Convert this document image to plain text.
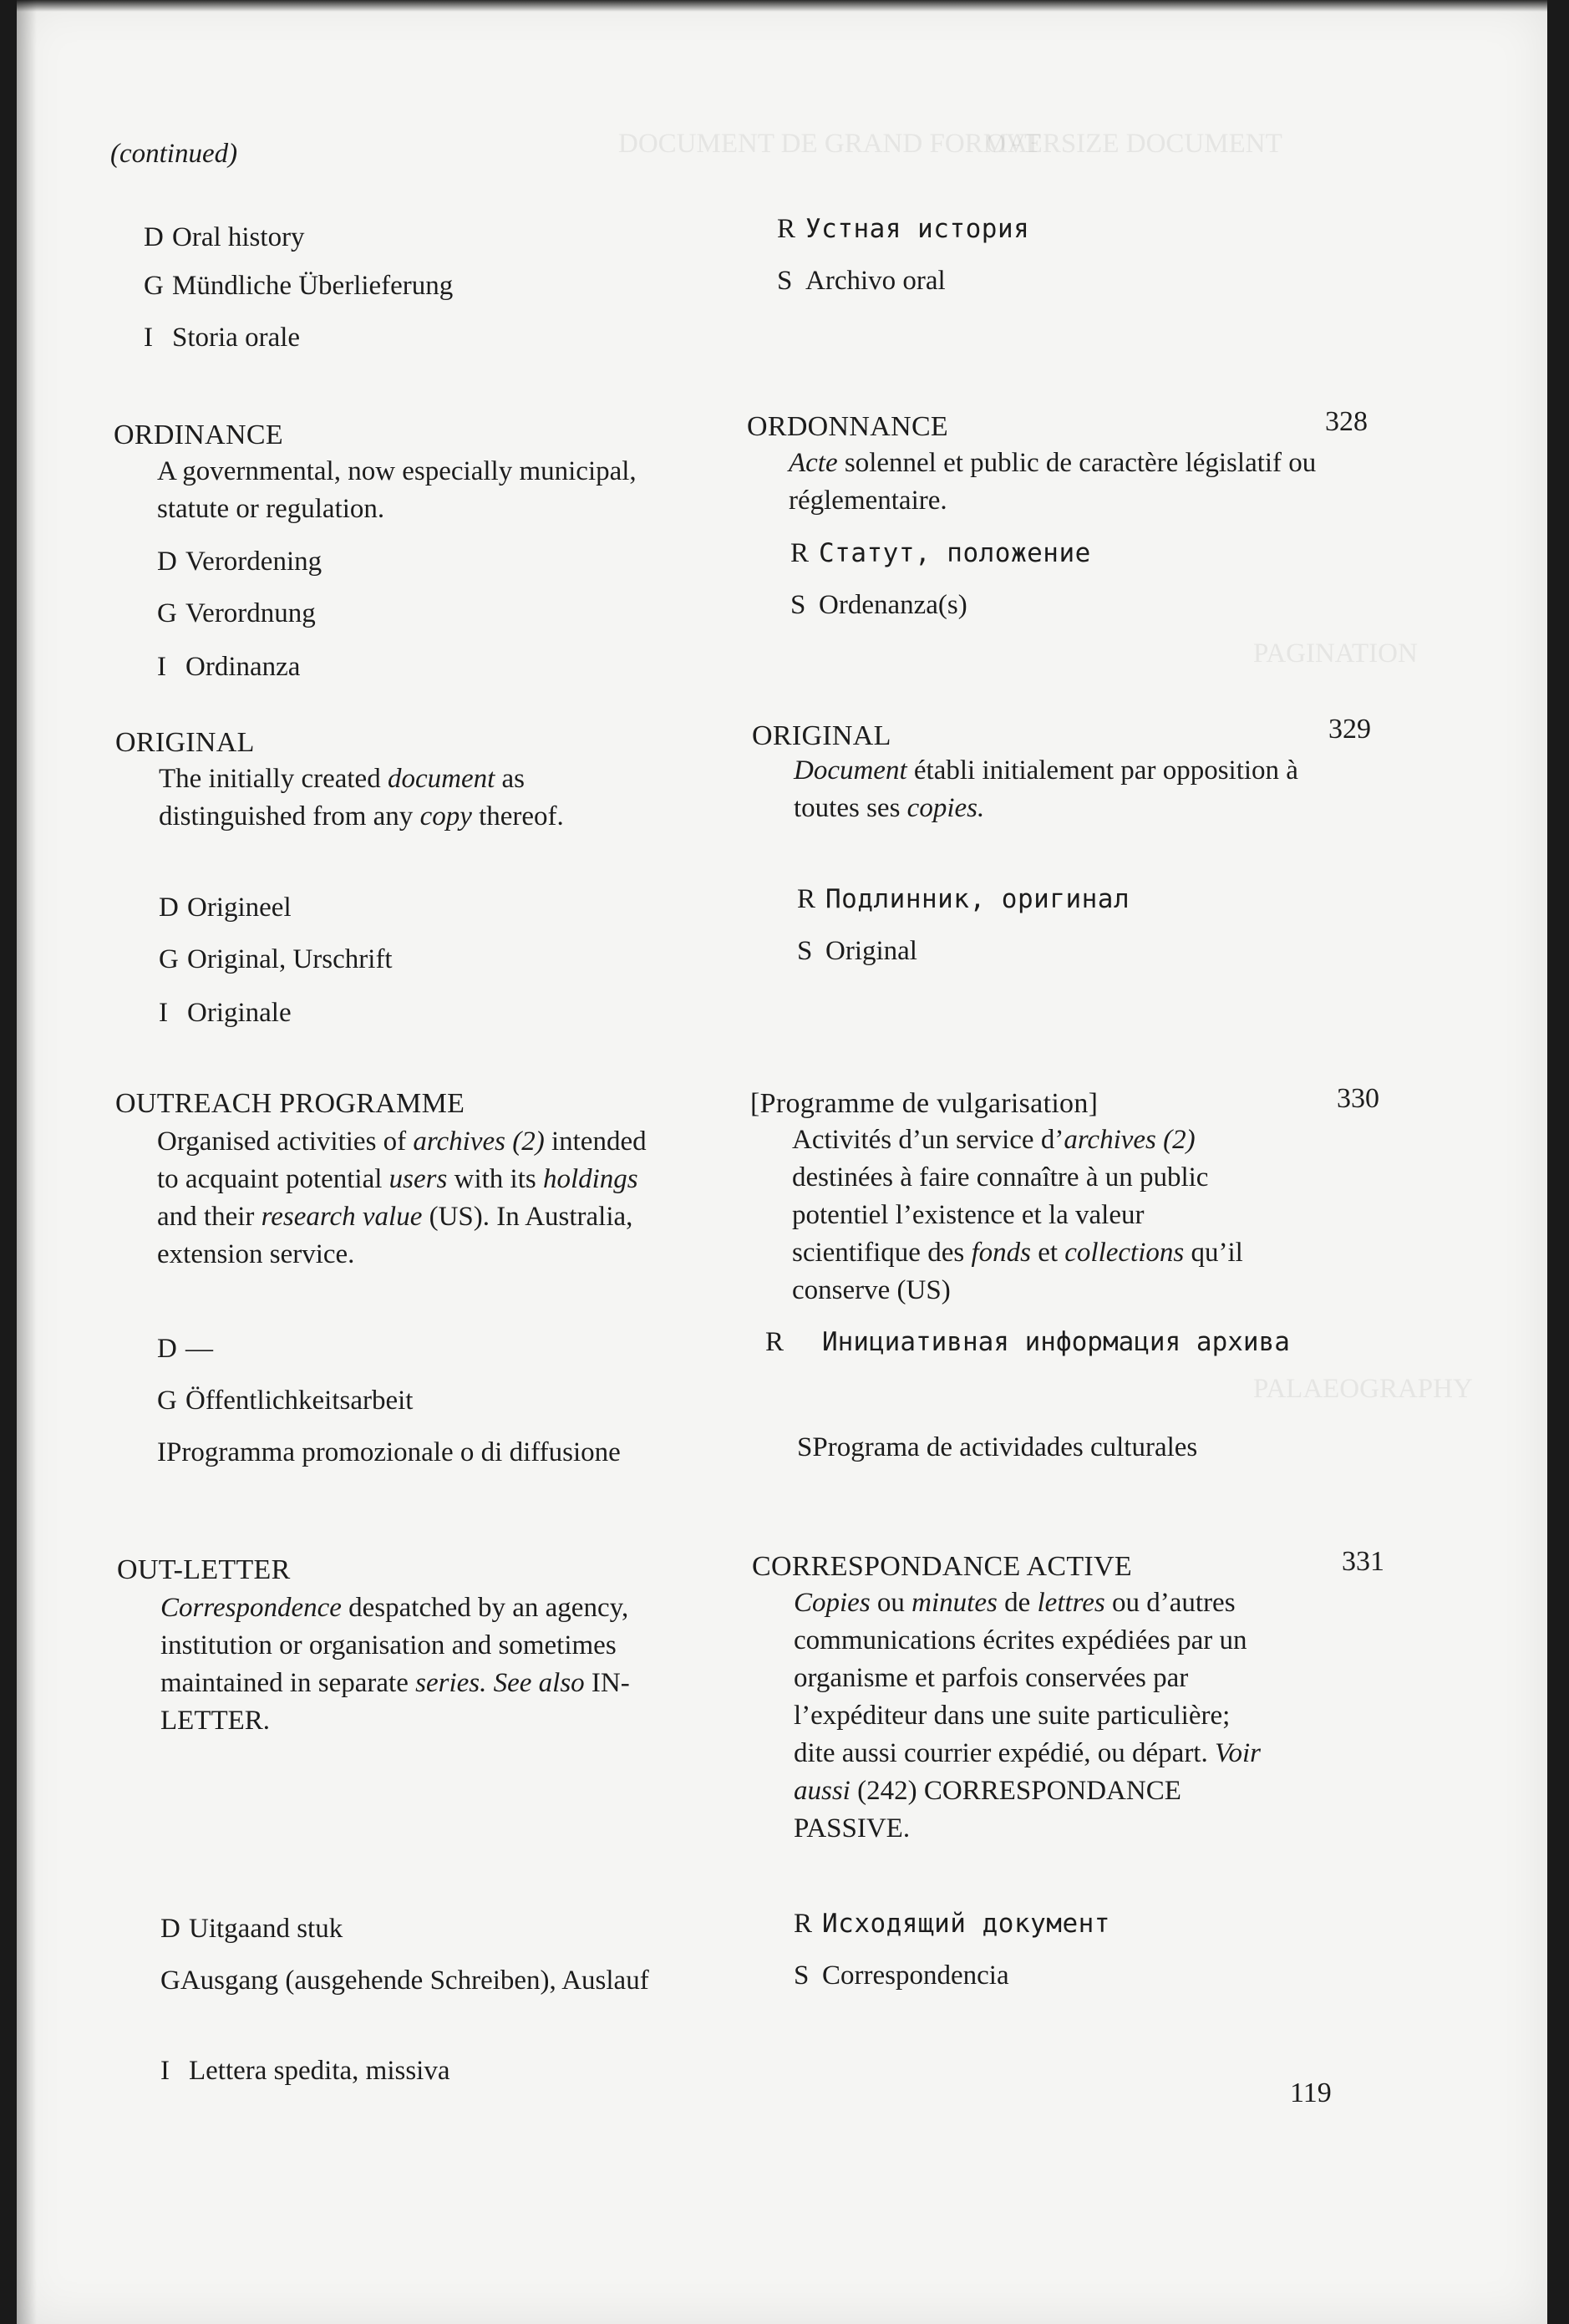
OVERSIZE DOCUMENT
DOCUMENT DE GRAND FORMAT
PAGINATION
PALAEOGRAPHY
(continued)
D Oral history
G Mündliche Überlieferung
I Storia orale
R Устная история
S Archivo oral
ORDINANCE
A governmental, now especially municipal, statute or regulation.
D Verordening
G Verordnung
I Ordinanza
ORDONNANCE	328
Acte solennel et public de caractère législatif ou réglementaire.
R Статут, положение
S Ordenanza(s)
ORIGINAL
The initially created document as distinguished from any copy thereof.
D Origineel
G Original, Urschrift
I Originale
ORIGINAL	329
Document établi initialement par opposition à toutes ses copies.
R Подлинник, оригинал
S Original
OUTREACH PROGRAMME
Organised activities of archives (2) intended to acquaint potential users with its holdings and their research value (US). In Australia, extension service.
D —
G Öffentlichkeitsarbeit
IProgramma promozionale o di diffusione
[Programme de vulgarisation]	330
Activités d’un service d’archives (2) destinées à faire connaître à un public potentiel l’existence et la valeur scientifique des fonds et collections qu’il conserve (US)
R Инициативная информация архива
SPrograma de actividades culturales
OUT-LETTER
Correspondence despatched by an agency, institution or organisation and sometimes maintained in separate series. See also IN-LETTER.
D Uitgaand stuk
GAusgang (ausgehende Schreiben), Auslauf
I Lettera spedita, missiva
CORRESPONDANCE ACTIVE	331
Copies ou minutes de lettres ou d’autres communications écrites expédiées par un organisme et parfois conservées par l’expéditeur dans une suite particulière; dite aussi courrier expédié, ou départ. Voir aussi (242) CORRESPONDANCE PASSIVE.
R Исходящий документ
S Correspondencia
119
